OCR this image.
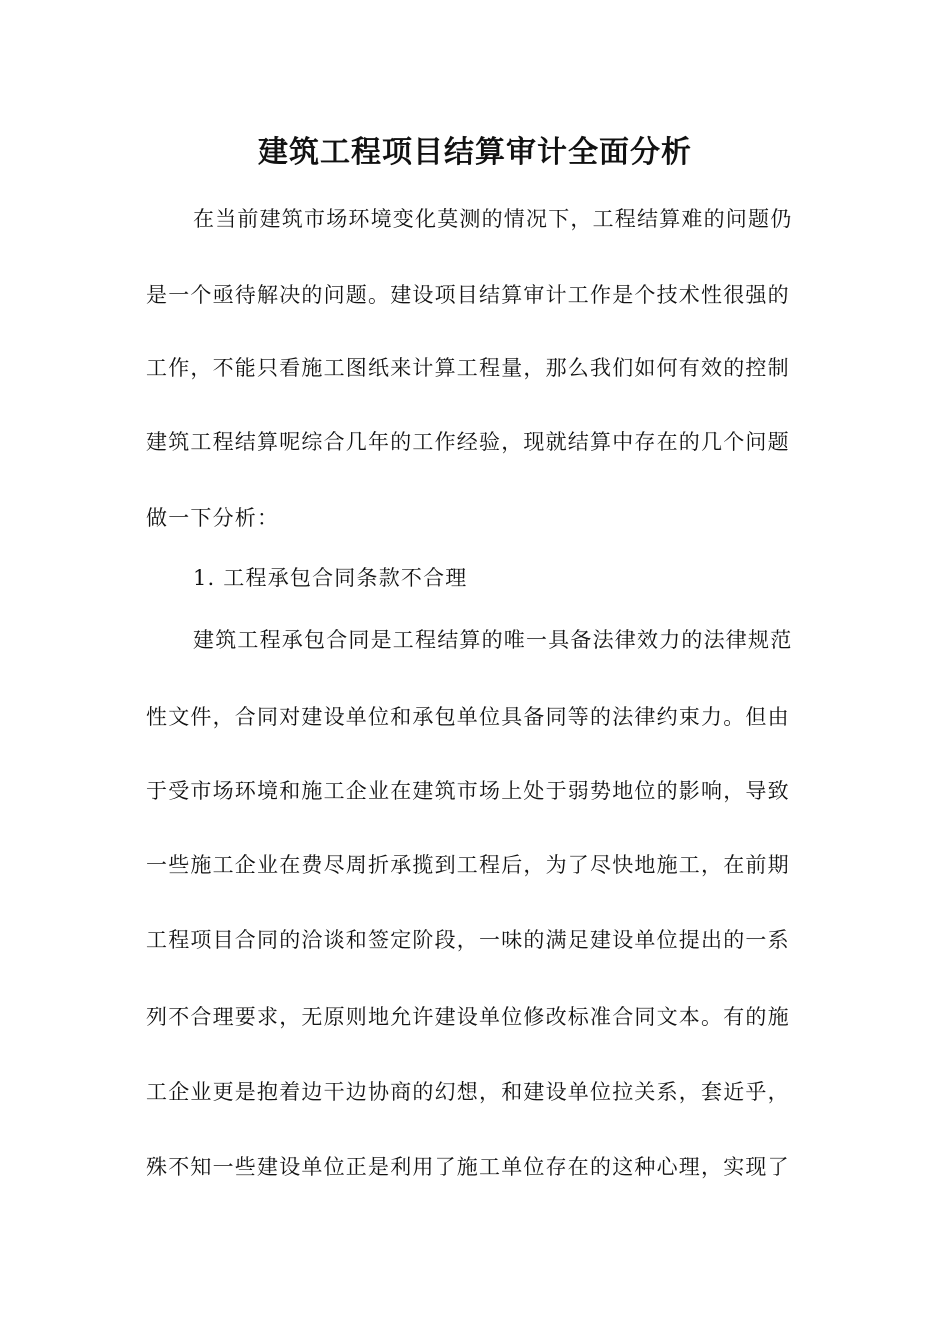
建筑工程项目结算审计全面分析
在当前建筑市场环境变化莫测的情况下，工程结算难的问题仍
是一个亟待解决的问题。建设项目结算审计工作是个技术性很强的
工作，不能只看施工图纸来计算工程量，那么我们如何有效的控制
建筑工程结算呢综合几年的工作经验，现就结算中存在的几个问题
做一下分析：
1. 工程承包合同条款不合理
建筑工程承包合同是工程结算的唯一具备法律效力的法律规范
性文件，合同对建设单位和承包单位具备同等的法律约束力。但由
于受市场环境和施工企业在建筑市场上处于弱势地位的影响，导致
一些施工企业在费尽周折承揽到工程后，为了尽快地施工，在前期
工程项目合同的洽谈和签定阶段，一味的满足建设单位提出的一系
列不合理要求，无原则地允许建设单位修改标准合同文本。有的施
工企业更是抱着边干边协商的幻想，和建设单位拉关系，套近乎，
殊不知一些建设单位正是利用了施工单位存在的这种心理，实现了
